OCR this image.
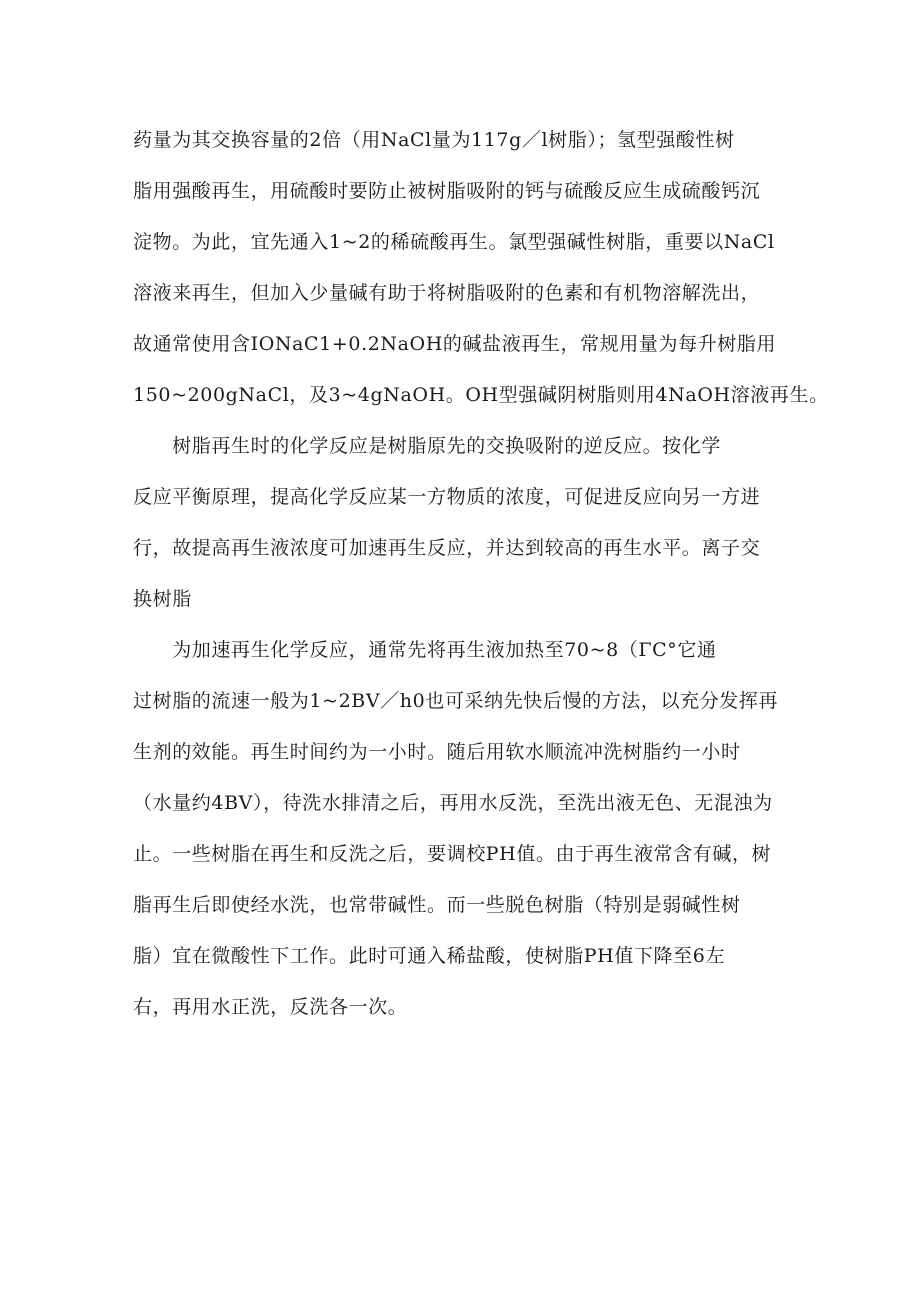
药量为其交换容量的2倍（用NaCl量为117g／l树脂）；氢型强酸性树
脂用强酸再生，用硫酸时要防止被树脂吸附的钙与硫酸反应生成硫酸钙沉
淀物。为此，宜先通入1~2的稀硫酸再生。氯型强碱性树脂，重要以NaCl
溶液来再生，但加入少量碱有助于将树脂吸附的色素和有机物溶解洗出，
故通常使用含IONaC1+0.2NaOH的碱盐液再生，常规用量为每升树脂用
150~200gNaCl，及3~4gNaOH。OH型强碱阴树脂则用4NaOH溶液再生。
　　树脂再生时的化学反应是树脂原先的交换吸附的逆反应。按化学
反应平衡原理，提高化学反应某一方物质的浓度，可促进反应向另一方进
行，故提高再生液浓度可加速再生反应，并达到较高的再生水平。离子交
换树脂
　　为加速再生化学反应，通常先将再生液加热至70~8（ΓC°它通
过树脂的流速一般为1~2BV／h0也可采纳先快后慢的方法，以充分发挥再
生剂的效能。再生时间约为一小时。随后用软水顺流冲洗树脂约一小时
（水量约4BV），待洗水排清之后，再用水反洗，至洗出液无色、无混浊为
止。一些树脂在再生和反洗之后，要调校PH值。由于再生液常含有碱，树
脂再生后即使经水洗，也常带碱性。而一些脱色树脂（特别是弱碱性树
脂）宜在微酸性下工作。此时可通入稀盐酸，使树脂PH值下降至6左
右，再用水正洗，反洗各一次。
